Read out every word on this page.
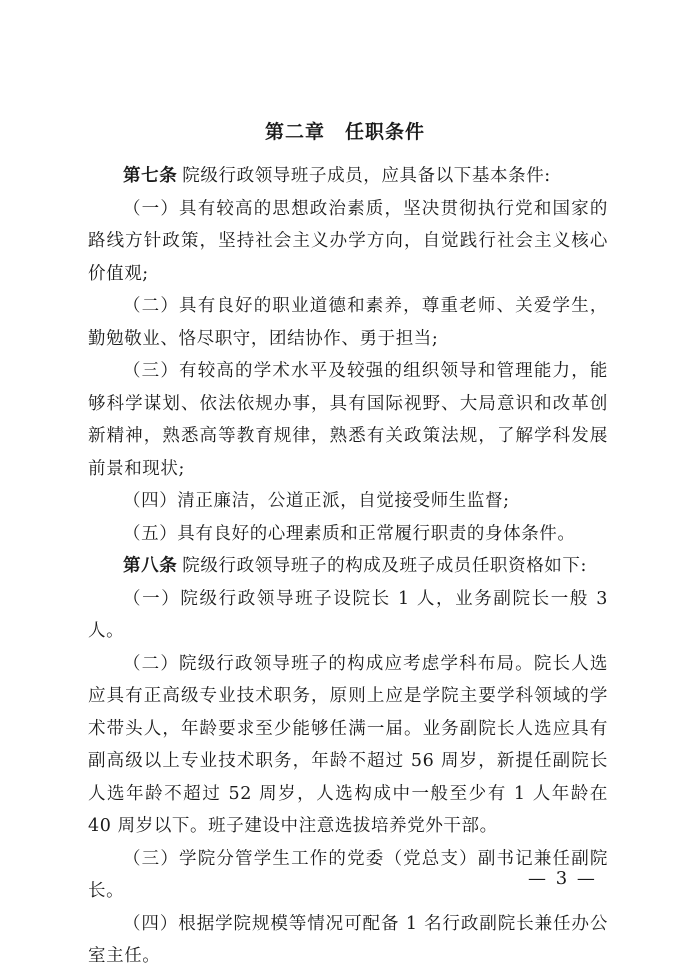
第二章　任职条件

第七条  院级行政领导班子成员，应具备以下基本条件:

（一）具有较高的思想政治素质，坚决贯彻执行党和国家的路线方针政策，坚持社会主义办学方向，自觉践行社会主义核心价值观;

（二）具有良好的职业道德和素养，尊重老师、关爱学生，勤勉敬业、恪尽职守，团结协作、勇于担当;

（三）有较高的学术水平及较强的组织领导和管理能力，能够科学谋划、依法依规办事，具有国际视野、大局意识和改革创新精神，熟悉高等教育规律，熟悉有关政策法规，了解学科发展前景和现状;

（四）清正廉洁，公道正派，自觉接受师生监督;

（五）具有良好的心理素质和正常履行职责的身体条件。

第八条  院级行政领导班子的构成及班子成员任职资格如下:

（一）院级行政领导班子设院长 1 人，业务副院长一般 3 人。

（二）院级行政领导班子的构成应考虑学科布局。院长人选应具有正高级专业技术职务，原则上应是学院主要学科领域的学术带头人，年龄要求至少能够任满一届。业务副院长人选应具有副高级以上专业技术职务，年龄不超过 56 周岁，新提任副院长人选年龄不超过 52 周岁，人选构成中一般至少有 1 人年龄在 40 周岁以下。班子建设中注意选拔培养党外干部。

（三）学院分管学生工作的党委（党总支）副书记兼任副院长。

（四）根据学院规模等情况可配备 1 名行政副院长兼任办公室主任。

— 3 —
